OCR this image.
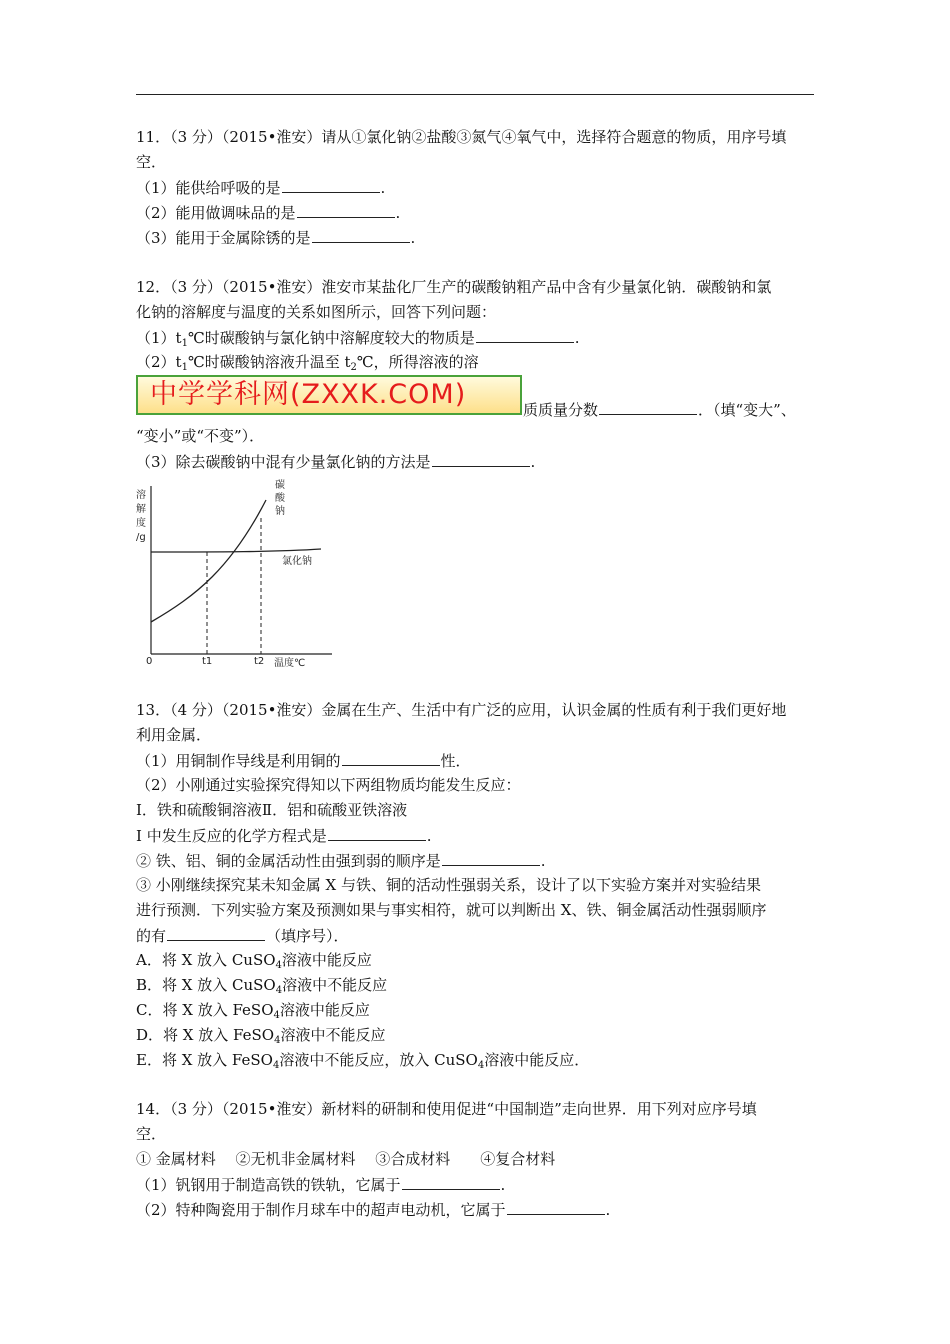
11．（3 分）（2015•淮安）请从①氯化钠②盐酸③氮气④氧气中，选择符合题意的物质，用序号填
空．
（1）能供给呼吸的是	.
（2）能用做调味品的是	.
（3）能用于金属除锈的是	.
12．（3 分）（2015•淮安）淮安市某盐化厂生产的碳酸钠粗产品中含有少量氯化钠．碳酸钠和氯
化钠的溶解度与温度的关系如图所示，回答下列问题：
$(1)t_1℃$时碳酸钠与氯化钠中溶解度较大的物质是	.
$(2)t_1℃$时碳酸钠溶液升温至 $t_2℃$，所得溶液的溶
中学学科网(ZXXK.COM)	质质量分数	．（填“变大”、
“变小”或“不变”）．
（3）除去碳酸钠中混有少量氯化钠的方法是	.
溶
解
度
/g
0	t1	t2 温度℃
碳
酸
钠
氯化钠
13．（4 分）（2015•淮安）金属在生产、生活中有广泛的应用，认识金属的性质有利于我们更好地
利用金属．
（1）用铜制作导线是利用铜的	性．
（2）小刚通过实验探究得知以下两组物质均能发生反应：
I．铁和硫酸铜溶液Ⅱ．铝和硫酸亚铁溶液
I 中发生反应的化学方程式是	.
② 铁、铝、铜的金属活动性由强到弱的顺序是	.
③ 小刚继续探究某未知金属 X 与铁、铜的活动性强弱关系，设计了以下实验方案并对实验结果
进行预测．下列实验方案及预测如果与事实相符，就可以判断出 X、铁、铜金属活动性强弱顺序
的有	（填序号）．
A．将 X 放入 CuSO$_4$溶液中能反应
B．将 X 放入 CuSO$_4$溶液中不能反应
C．将 X 放入 FeSO$_4$溶液中能反应
D．将 X 放入 FeSO$_4$溶液中不能反应
E．将 X 放入 FeSO$_4$溶液中不能反应，放入 CuSO$_4$溶液中能反应．
14．（3 分）（2015•淮安）新材料的研制和使用促进“中国制造”走向世界．用下列对应序号填
空．
① 金属材料　 ②无机非金属材料　 ③合成材料　　④复合材料
（1）钒钢用于制造高铁的铁轨，它属于	.
（2）特种陶瓷用于制作月球车中的超声电动机，它属于	.
